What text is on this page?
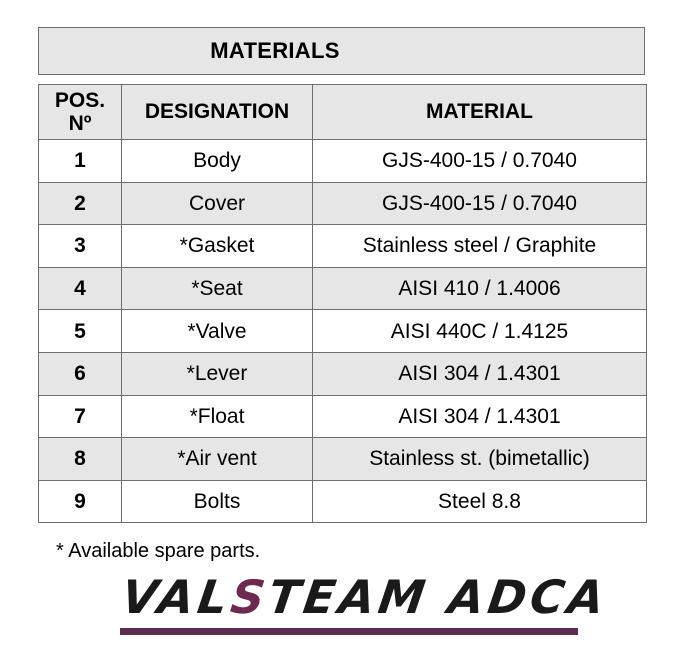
MATERIALS
POS.
Nº	DESIGNATION	MATERIAL
1	Body	GJS-400-15 / 0.7040
2	Cover	GJS-400-15 / 0.7040
3	*Gasket	Stainless steel / Graphite
4	*Seat	AISI 410 / 1.4006
5	*Valve	AISI 440C / 1.4125
6	*Lever	AISI 304 / 1.4301
7	*Float	AISI 304 / 1.4301
8	*Air vent	Stainless st. (bimetallic)
9	Bolts	Steel 8.8
* Available spare parts.
VALSTEAM ADCA
